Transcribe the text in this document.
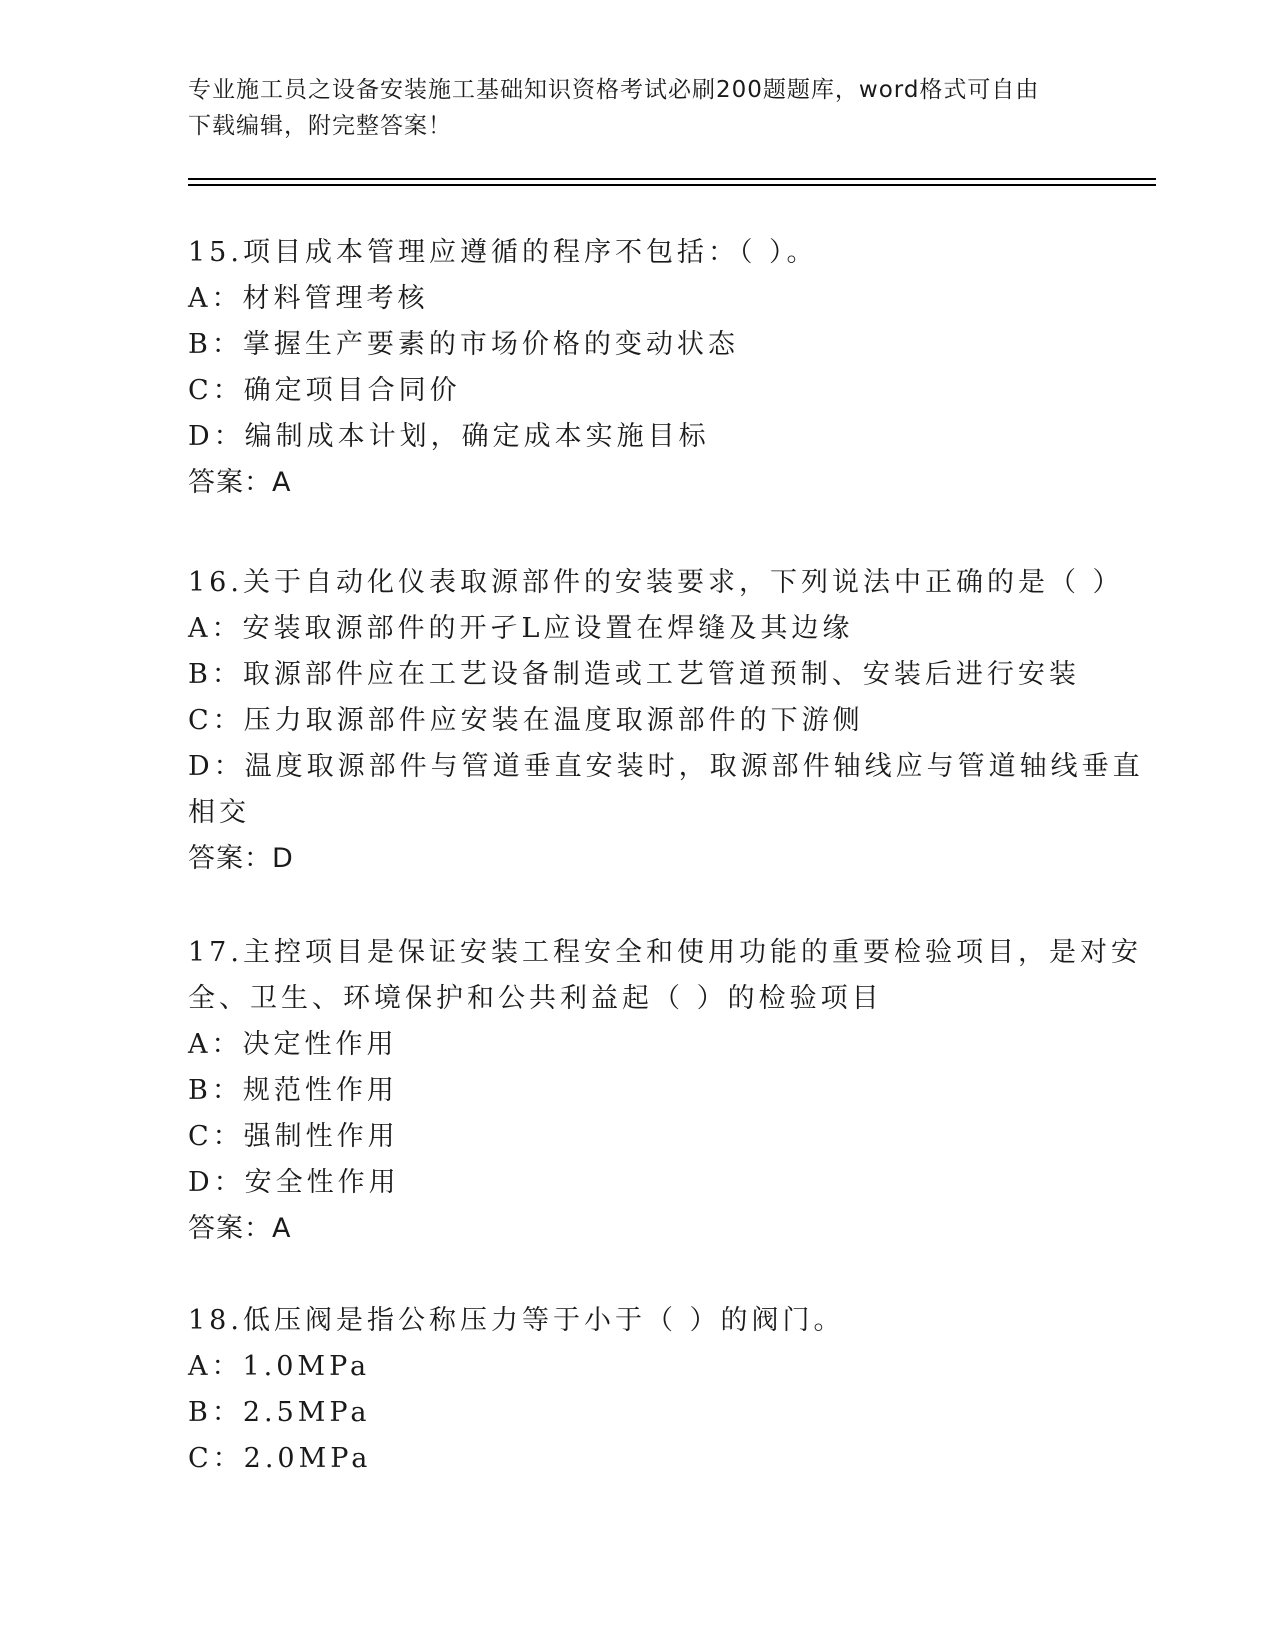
专业施工员之设备安装施工基础知识资格考试必刷200题题库，word格式可自由
下载编辑，附完整答案！
15.项目成本管理应遵循的程序不包括：（ ）。
A：材料管理考核
B：掌握生产要素的市场价格的变动状态
C：确定项目合同价
D：编制成本计划，确定成本实施目标
答案：A
16.关于自动化仪表取源部件的安装要求，下列说法中正确的是（ ）
A：安装取源部件的开孑L应设置在焊缝及其边缘
B：取源部件应在工艺设备制造或工艺管道预制、安装后进行安装
C：压力取源部件应安装在温度取源部件的下游侧
D：温度取源部件与管道垂直安装时，取源部件轴线应与管道轴线垂直
相交
答案：D
17.主控项目是保证安装工程安全和使用功能的重要检验项目，是对安
全、卫生、环境保护和公共利益起（ ）的检验项目
A：决定性作用
B：规范性作用
C：强制性作用
D：安全性作用
答案：A
18.低压阀是指公称压力等于小于（ ）的阀门。
A：1.0MPa
B：2.5MPa
C：2.0MPa
